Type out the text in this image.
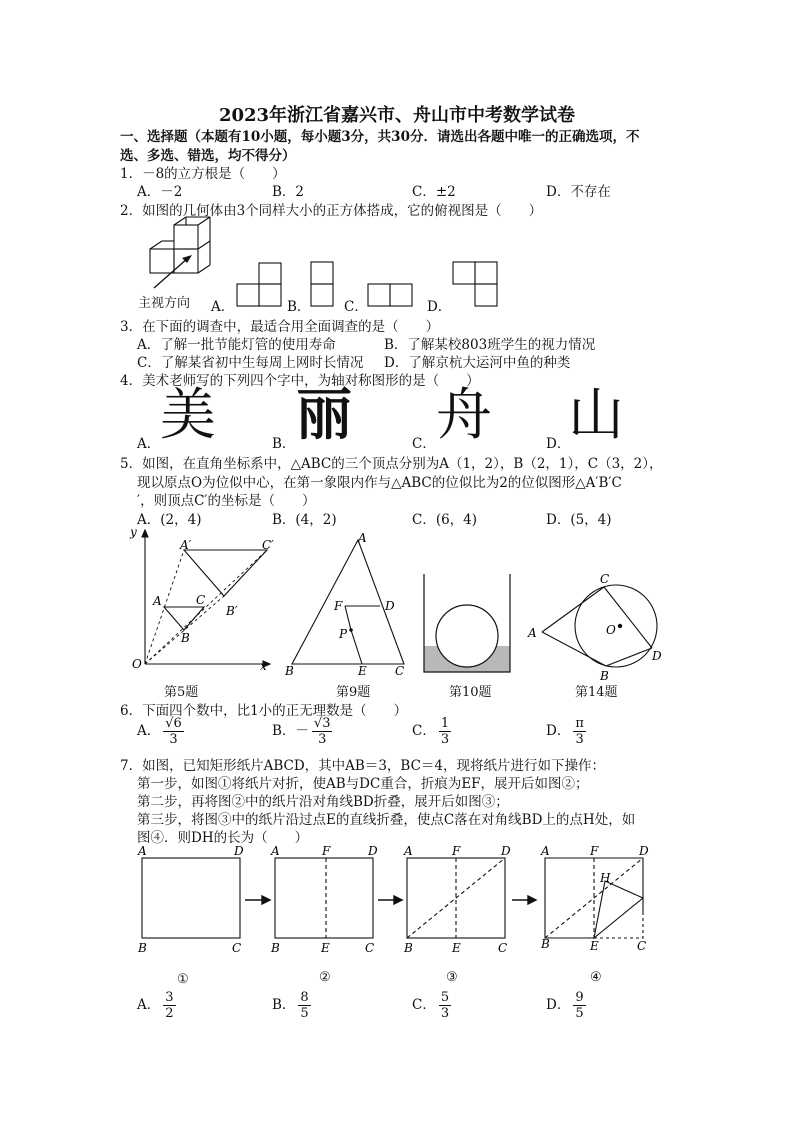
2023年浙江省嘉兴市、舟山市中考数学试卷
一、选择题（本题有10小题，每小题3分，共30分．请选出各题中唯一的正确选项，不
选、多选、错选，均不得分）
1．－8的立方根是（　　）
A．－2	B．2	C．±2	D．不存在
2．如图的几何体由3个同样大小的正方体搭成，它的俯视图是（　　）
主视方向 A．	B． C．	D．
3．在下面的调查中，最适合用全面调查的是（　　）
A．了解一批节能灯管的使用寿命	B．了解某校803班学生的视力情况
C．了解某省初中生每周上网时长情况 D．了解京杭大运河中鱼的种类
4．美术老师写的下列四个字中，为轴对称图形的是（　　）
A． 美	B． 丽	C． 舟	D．
山
5．如图，在直角坐标系中，△ABC的三个顶点分别为A（1，2），B（2，1），C（3，2），
现以原点O为位似中心，在第一象限内作与△ABC的位似比为2的位似图形△A′B′C
′，则顶点C′的坐标是（　　）
A．(2，4)	B．(4，2)	C．(6，4)	D．(5，4)
y
x
O
A
B
C
A′
B′
C′	A
B	C
E
F	D
P	A
B
C
D
O
第5题	第9题	第10题	第14题
6．下面四个数中，比1小的正无理数是（　　）
A． $\frac{√6}{3}$	B．－ $\frac{√3}{3}$	C． $\frac{1}{3}$	D． $\frac{\pi}{3}$
7．如图，已知矩形纸片ABCD，其中AB＝3，BC＝4，现将纸片进行如下操作：
第一步，如图①将纸片对折，使AB与DC重合，折痕为EF，展开后如图②；
第二步，再将图②中的纸片沿对角线BD折叠，展开后如图③；
第三步，将图③中的纸片沿过点E的直线折叠，使点C落在对角线BD上的点H处，如
图④．则DH的长为（　　）
A	D
B	C
A	F	D
B	E	C
A	F	D
B	E	C
A	F	D
H
B	E	C
①	②	③	④
A． $\frac{3}{2}$	B． $\frac{8}{5}$	C． $\frac{5}{3}$	D． $\frac{9}{5}$
